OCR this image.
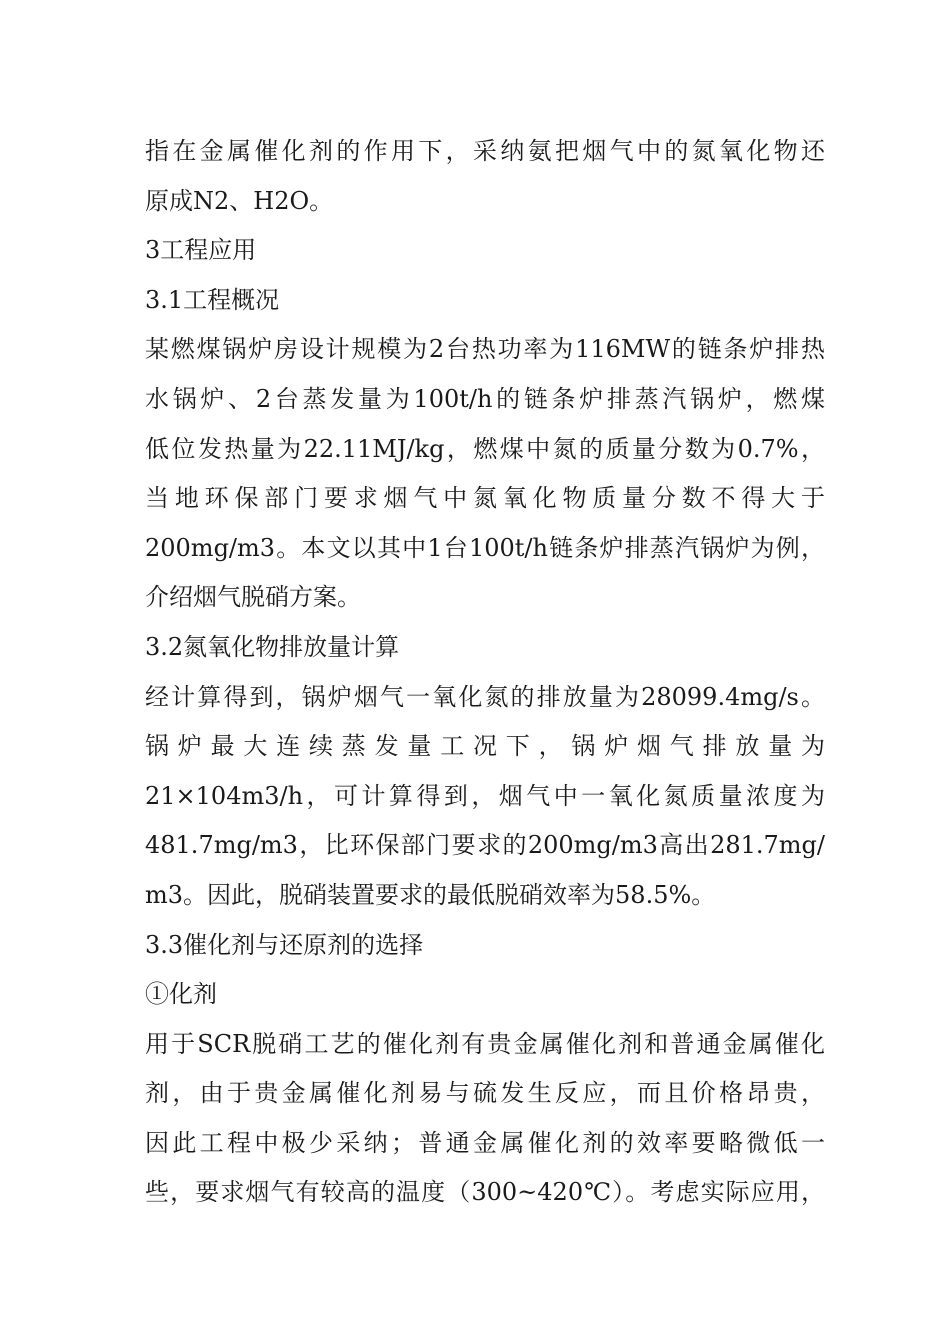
指在金属催化剂的作用下，采纳氨把烟气中的氮氧化物还
原成N2、H2O。
3工程应用
3.1工程概况
某燃煤锅炉房设计规模为2台热功率为116MW的链条炉排热
水锅炉、2台蒸发量为100t/h的链条炉排蒸汽锅炉，燃煤
低位发热量为22.11MJ/kg，燃煤中氮的质量分数为0.7%，
当地环保部门要求烟气中氮氧化物质量分数不得大于
200mg/m3。本文以其中1台100t/h链条炉排蒸汽锅炉为例，
介绍烟气脱硝方案。
3.2氮氧化物排放量计算
经计算得到，锅炉烟气一氧化氮的排放量为28099.4mg/s。
锅炉最大连续蒸发量工况下，锅炉烟气排放量为
21×104m3/h，可计算得到，烟气中一氧化氮质量浓度为
481.7mg/m3，比环保部门要求的200mg/m3高出281.7mg/
m3。因此，脱硝装置要求的最低脱硝效率为58.5%。
3.3催化剂与还原剂的选择
①化剂
用于SCR脱硝工艺的催化剂有贵金属催化剂和普通金属催化
剂，由于贵金属催化剂易与硫发生反应，而且价格昂贵，
因此工程中极少采纳；普通金属催化剂的效率要略微低一
些，要求烟气有较高的温度（300~420℃）。考虑实际应用，
